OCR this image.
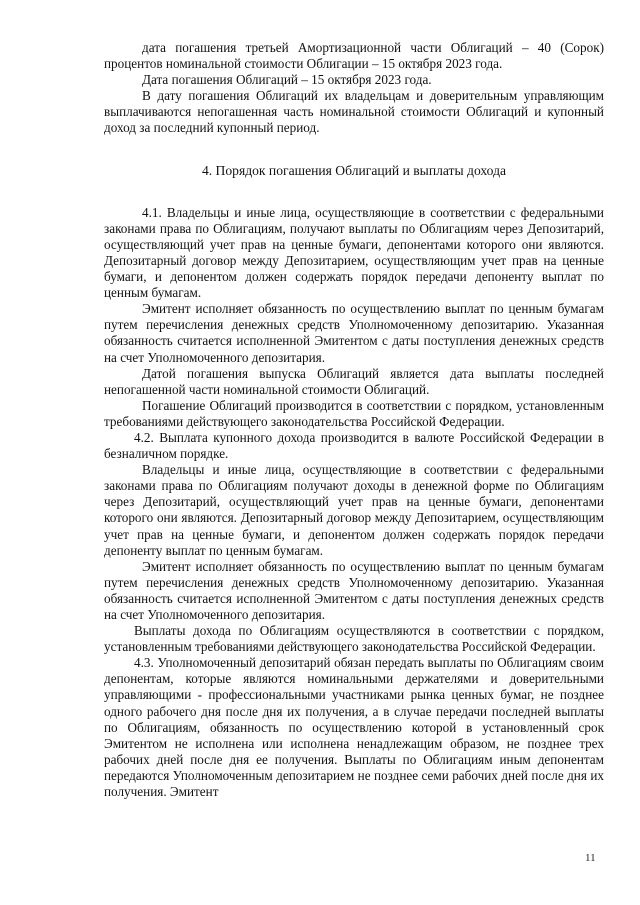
дата погашения третьей Амортизационной части Облигаций – 40 (Сорок) процентов номинальной стоимости Облигации – 15 октября 2023 года.

Дата погашения Облигаций – 15 октября 2023 года.

В дату погашения Облигаций их владельцам и доверительным управляющим выплачиваются непогашенная часть номинальной стоимости Облигаций и купонный доход за последний купонный период.

4. Порядок погашения Облигаций и выплаты дохода

4.1. Владельцы и иные лица, осуществляющие в соответствии с федеральными законами права по Облигациям, получают выплаты по Облигациям через Депозитарий, осуществляющий учет прав на ценные бумаги, депонентами которого они являются. Депозитарный договор между Депозитарием, осуществляющим учет прав на ценные бумаги, и депонентом должен содержать порядок передачи депоненту выплат по ценным бумагам.

Эмитент исполняет обязанность по осуществлению выплат по ценным бумагам путем перечисления денежных средств Уполномоченному депозитарию. Указанная обязанность считается исполненной Эмитентом с даты поступления денежных средств на счет Уполномоченного депозитария.

Датой погашения выпуска Облигаций является дата выплаты последней непогашенной части номинальной стоимости Облигаций.

Погашение Облигаций производится в соответствии с порядком, установленным требованиями действующего законодательства Российской Федерации.

4.2. Выплата купонного дохода производится в валюте Российской Федерации в безналичном порядке.

Владельцы и иные лица, осуществляющие в соответствии с федеральными законами права по Облигациям получают доходы в денежной форме по Облигациям через Депозитарий, осуществляющий учет прав на ценные бумаги, депонентами которого они являются. Депозитарный договор между Депозитарием, осуществляющим учет прав на ценные бумаги, и депонентом должен содержать порядок передачи депоненту выплат по ценным бумагам.

Эмитент исполняет обязанность по осуществлению выплат по ценным бумагам путем перечисления денежных средств Уполномоченному депозитарию. Указанная обязанность считается исполненной Эмитентом с даты поступления денежных средств на счет Уполномоченного депозитария.

Выплаты дохода по Облигациям осуществляются в соответствии с порядком, установленным требованиями действующего законодательства Российской Федерации.

4.3. Уполномоченный депозитарий обязан передать выплаты по Облигациям своим депонентам, которые являются номинальными держателями и доверительными управляющими - профессиональными участниками рынка ценных бумаг, не позднее одного рабочего дня после дня их получения, а в случае передачи последней выплаты по Облигациям, обязанность по осуществлению которой в установленный срок Эмитентом не исполнена или исполнена ненадлежащим образом, не позднее трех рабочих дней после дня ее получения. Выплаты по Облигациям иным депонентам передаются Уполномоченным депозитарием не позднее семи рабочих дней после дня их получения. Эмитент

11
